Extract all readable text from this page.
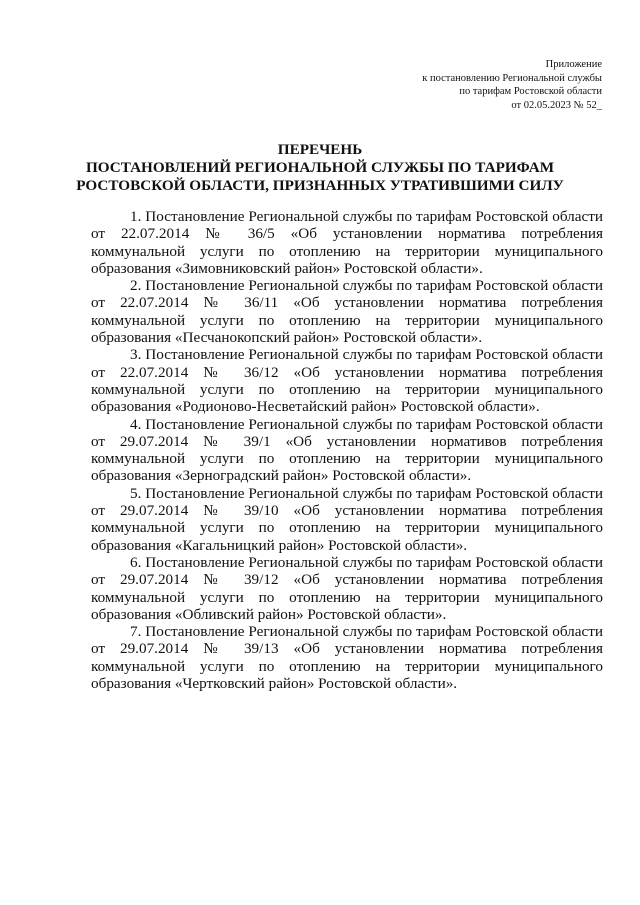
Приложение
к постановлению Региональной службы
по тарифам Ростовской области
от 02.05.2023 № 52_
ПЕРЕЧЕНЬ
ПОСТАНОВЛЕНИЙ РЕГИОНАЛЬНОЙ СЛУЖБЫ ПО ТАРИФАМ
РОСТОВСКОЙ ОБЛАСТИ, ПРИЗНАННЫХ УТРАТИВШИМИ СИЛУ

1. Постановление Региональной службы по тарифам Ростовской области от 22.07.2014 № 36/5 «Об установлении норматива потребления коммунальной услуги по отоплению на территории муниципального образования «Зимовниковский район» Ростовской области».

2. Постановление Региональной службы по тарифам Ростовской области от 22.07.2014 № 36/11 «Об установлении норматива потребления коммунальной услуги по отоплению на территории муниципального образования «Песчанокопский район» Ростовской области».

3. Постановление Региональной службы по тарифам Ростовской области от 22.07.2014 № 36/12 «Об установлении норматива потребления коммунальной услуги по отоплению на территории муниципального образования «Родионово-Несветайский район» Ростовской области».

4. Постановление Региональной службы по тарифам Ростовской области от 29.07.2014 № 39/1 «Об установлении нормативов потребления коммунальной услуги по отоплению на территории муниципального образования «Зерноградский район» Ростовской области».

5. Постановление Региональной службы по тарифам Ростовской области от 29.07.2014 № 39/10 «Об установлении норматива потребления коммунальной услуги по отоплению на территории муниципального образования «Кагальницкий район» Ростовской области».

6. Постановление Региональной службы по тарифам Ростовской области от 29.07.2014 № 39/12 «Об установлении норматива потребления коммунальной услуги по отоплению на территории муниципального образования «Обливский район» Ростовской области».

7. Постановление Региональной службы по тарифам Ростовской области от 29.07.2014 № 39/13 «Об установлении норматива потребления коммунальной услуги по отоплению на территории муниципального образования «Чертковский район» Ростовской области».
